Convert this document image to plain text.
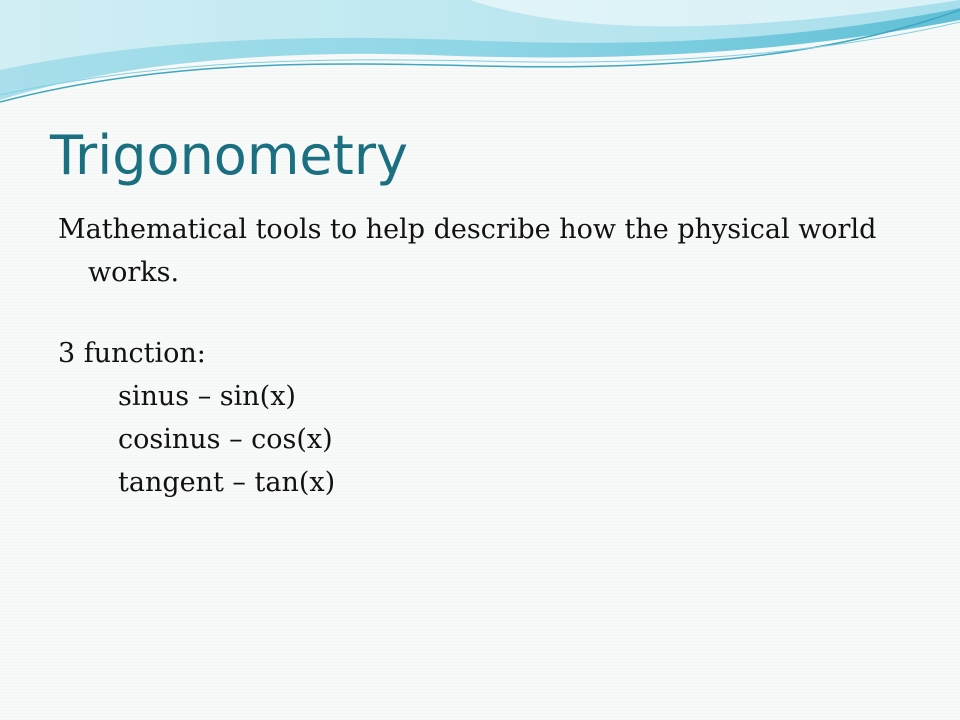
Trigonometry

Mathematical tools to help describe how the physical world works.

3 function:
sinus – sin(x)
cosinus – cos(x)
tangent – tan(x)
